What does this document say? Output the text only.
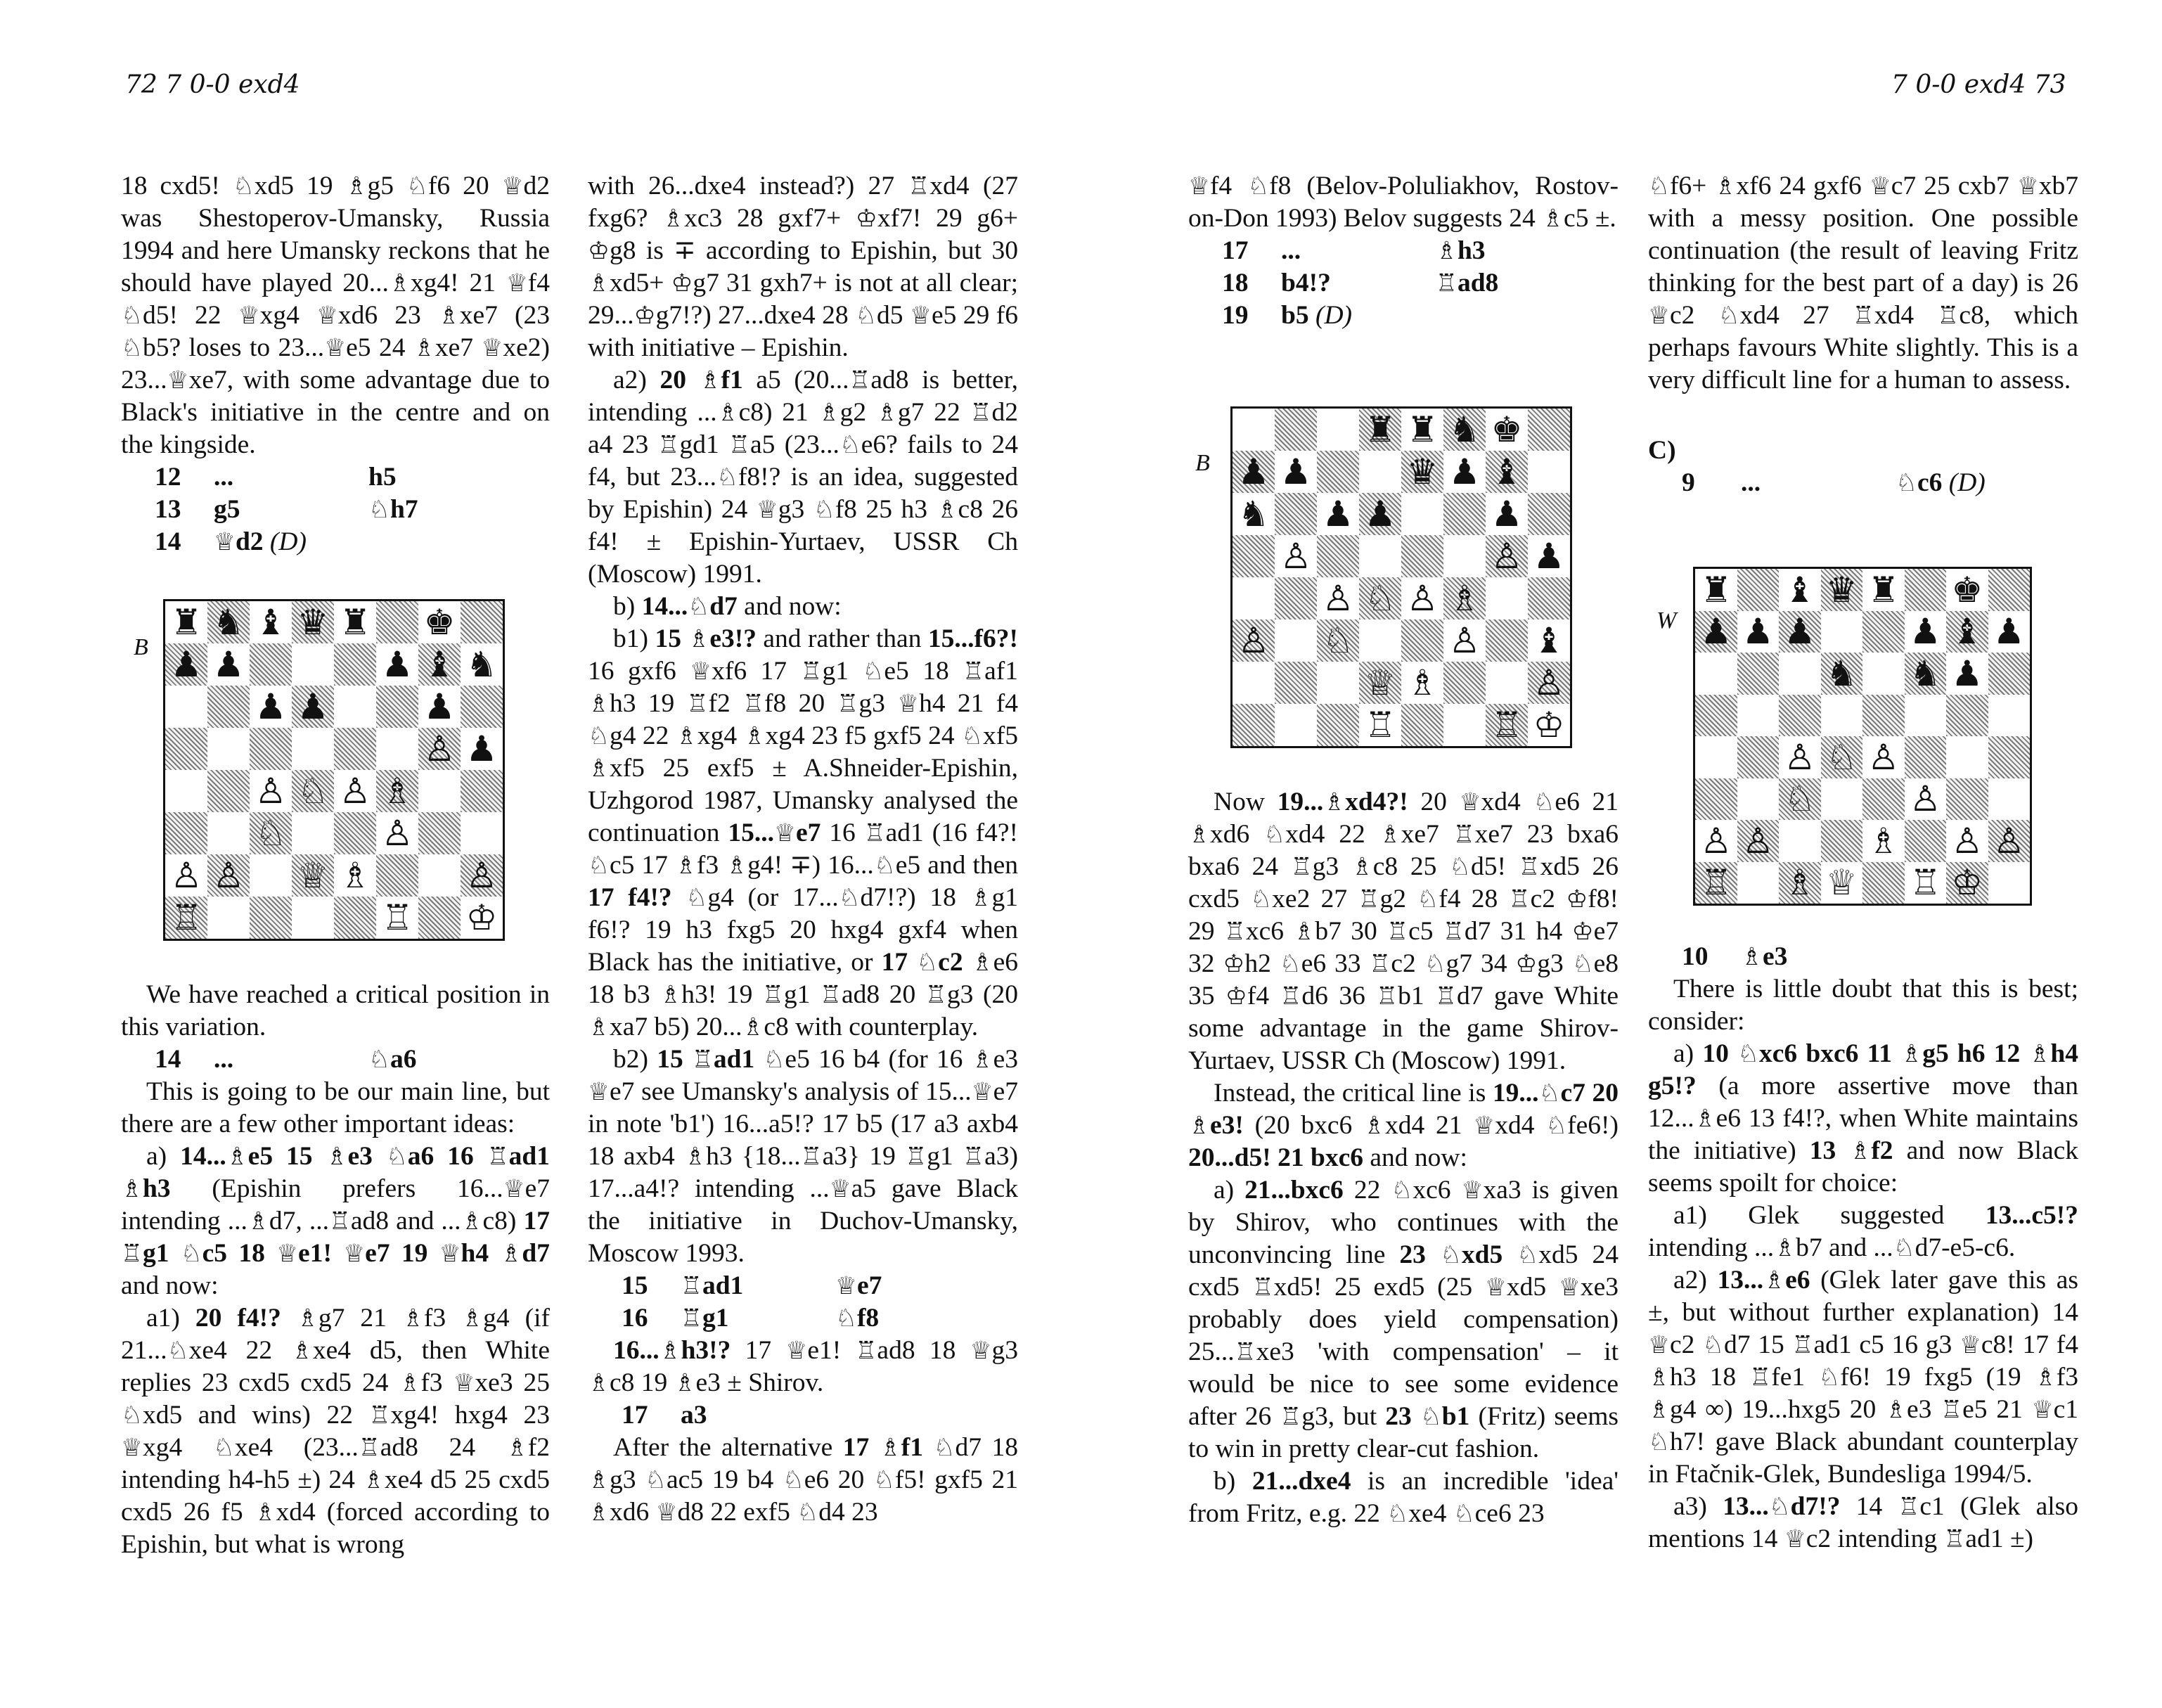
72 7 0-0 exd4

18 cxd5! ♘xd5 19 ♗g5 ♘f6 20 ♕d2 was Shestoperov-Umansky, Russia 1994 and here Umansky reckons that he should have played 20...♗xg4! 21 ♕f4 ♘d5! 22 ♕xg4 ♕xd6 23 ♗xe7 (23 ♘b5? loses to 23...♕e5 24 ♗xe7 ♕xe2) 23...♕xe7, with some advantage due to Black's initiative in the centre and on the kingside.

12	...	h5
13	g5	♘h7
14	♕d2 (D)
B
♜ ♞ ♝ ♛ ♜ ♚
♟ ♟	♟ ♝ ♞
♟ ♟	♟
♙ ♟
♙ ♘ ♙ ♗
♘	♙
♙ ♙ ♕ ♗	♙
♖	♖ ♔

We have reached a critical position in this variation.

14	...	♘a6

This is going to be our main line, but there are a few other important ideas:

a) 14...♗e5 15 ♗e3 ♘a6 16 ♖ad1 ♗h3 (Epishin prefers 16...♕e7 intending ...♗d7, ...♖ad8 and ...♗c8) 17 ♖g1 ♘c5 18 ♕e1! ♕e7 19 ♕h4 ♗d7 and now:

a1) 20 f4!? ♗g7 21 ♗f3 ♗g4 (if 21...♘xe4 22 ♗xe4 d5, then White replies 23 cxd5 cxd5 24 ♗f3 ♕xe3 25 ♘xd5 and wins) 22 ♖xg4! hxg4 23 ♕xg4 ♘xe4 (23...♖ad8 24 ♗f2 intending h4-h5 ±) 24 ♗xe4 d5 25 cxd5 cxd5 26 f5 ♗xd4 (forced according to Epishin, but what is wrong

with 26...dxe4 instead?) 27 ♖xd4 (27 fxg6? ♗xc3 28 gxf7+ ♔xf7! 29 g6+ ♔g8 is ∓ according to Epishin, but 30 ♗xd5+ ♔g7 31 gxh7+ is not at all clear; 29...♔g7!?) 27...dxe4 28 ♘d5 ♕e5 29 f6 with initiative – Epishin.

a2) 20 ♗f1 a5 (20...♖ad8 is better, intending ...♗c8) 21 ♗g2 ♗g7 22 ♖d2 a4 23 ♖gd1 ♖a5 (23...♘e6? fails to 24 f4, but 23...♘f8!? is an idea, suggested by Epishin) 24 ♕g3 ♘f8 25 h3 ♗c8 26 f4! ± Epishin-Yurtaev, USSR Ch (Moscow) 1991.

b) 14...♘d7 and now:

b1) 15 ♗e3!? and rather than 15...f6?! 16 gxf6 ♕xf6 17 ♖g1 ♘e5 18 ♖af1 ♗h3 19 ♖f2 ♖f8 20 ♖g3 ♕h4 21 f4 ♘g4 22 ♗xg4 ♗xg4 23 f5 gxf5 24 ♘xf5 ♗xf5 25 exf5 ± A.Shneider-Epishin, Uzhgorod 1987, Umansky analysed the continuation 15...♕e7 16 ♖ad1 (16 f4?! ♘c5 17 ♗f3 ♗g4! ∓) 16...♘e5 and then 17 f4!? ♘g4 (or 17...♘d7!?) 18 ♗g1 f6!? 19 h3 fxg5 20 hxg4 gxf4 when Black has the initiative, or 17 ♘c2 ♗e6 18 b3 ♗h3! 19 ♖g1 ♖ad8 20 ♖g3 (20 ♗xa7 b5) 20...♗c8 with counterplay.

b2) 15 ♖ad1 ♘e5 16 b4 (for 16 ♗e3 ♕e7 see Umansky's analysis of 15...♕e7 in note 'b1') 16...a5!? 17 b5 (17 a3 axb4 18 axb4 ♗h3 {18...♖a3} 19 ♖g1 ♖a3) 17...a4!? intending ...♕a5 gave Black the initiative in Duchov-Umansky, Moscow 1993.

15	♖ad1	♕e7
16	♖g1	♘f8

16...♗h3!? 17 ♕e1! ♖ad8 18 ♕g3 ♗c8 19 ♗e3 ± Shirov.

17	a3

After the alternative 17 ♗f1 ♘d7 18 ♗g3 ♘ac5 19 b4 ♘e6 20 ♘f5! gxf5 21 ♗xd6 ♕d8 22 exf5 ♘d4 23

7 0-0 exd4 73

♕f4 ♘f8 (Belov-Poluliakhov, Rostov-on-Don 1993) Belov suggests 24 ♗c5 ±.

17	...	♗h3
18	b4!?	♖ad8
19	b5 (D)
B
♜ ♜ ♞ ♚
♟ ♟	♛ ♟ ♝
♞ ♟ ♟	♟
♙	♙ ♟
♙ ♘ ♙ ♗
♙ ♘	♙ ♝
♕ ♗	♙
♖	♖ ♔

Now 19...♗xd4?! 20 ♕xd4 ♘e6 21 ♗xd6 ♘xd4 22 ♗xe7 ♖xe7 23 bxa6 bxa6 24 ♖g3 ♗c8 25 ♘d5! ♖xd5 26 cxd5 ♘xe2 27 ♖g2 ♘f4 28 ♖c2 ♔f8! 29 ♖xc6 ♗b7 30 ♖c5 ♖d7 31 h4 ♔e7 32 ♔h2 ♘e6 33 ♖c2 ♘g7 34 ♔g3 ♘e8 35 ♔f4 ♖d6 36 ♖b1 ♖d7 gave White some advantage in the game Shirov-Yurtaev, USSR Ch (Moscow) 1991.

Instead, the critical line is 19...♘c7 20 ♗e3! (20 bxc6 ♗xd4 21 ♕xd4 ♘fe6!) 20...d5! 21 bxc6 and now:

a) 21...bxc6 22 ♘xc6 ♕xa3 is given by Shirov, who continues with the unconvincing line 23 ♘xd5 ♘xd5 24 cxd5 ♖xd5! 25 exd5 (25 ♕xd5 ♕xe3 probably does yield compensation) 25...♖xe3 'with compensation' – it would be nice to see some evidence after 26 ♖g3, but 23 ♘b1 (Fritz) seems to win in pretty clear-cut fashion.

b) 21...dxe4 is an incredible 'idea' from Fritz, e.g. 22 ♘xe4 ♘ce6 23

♘f6+ ♗xf6 24 gxf6 ♕c7 25 cxb7 ♕xb7 with a messy position. One possible continuation (the result of leaving Fritz thinking for the best part of a day) is 26 ♕c2 ♘xd4 27 ♖xd4 ♖c8, which perhaps favours White slightly. This is a very difficult line for a human to assess.

C)

9	...	♘c6 (D)
W
♜ ♝ ♛ ♜ ♚
♟ ♟ ♟	♟ ♝ ♟
♞ ♞ ♟
♙ ♘ ♙
♘	♙
♙ ♙	♗ ♙ ♙
♖ ♗ ♕ ♖ ♔
10	♗e3

There is little doubt that this is best; consider:

a) 10 ♘xc6 bxc6 11 ♗g5 h6 12 ♗h4 g5!? (a more assertive move than 12...♗e6 13 f4!?, when White maintains the initiative) 13 ♗f2 and now Black seems spoilt for choice:

a1) Glek suggested 13...c5!? intending ...♗b7 and ...♘d7-e5-c6.

a2) 13...♗e6 (Glek later gave this as ±, but without further explanation) 14 ♕c2 ♘d7 15 ♖ad1 c5 16 g3 ♕c8! 17 f4 ♗h3 18 ♖fe1 ♘f6! 19 fxg5 (19 ♗f3 ♗g4 ∞) 19...hxg5 20 ♗e3 ♖e5 21 ♕c1 ♘h7! gave Black abundant counterplay in Ftačnik-Glek, Bundesliga 1994/5.

a3) 13...♘d7!? 14 ♖c1 (Glek also mentions 14 ♕c2 intending ♖ad1 ±)
